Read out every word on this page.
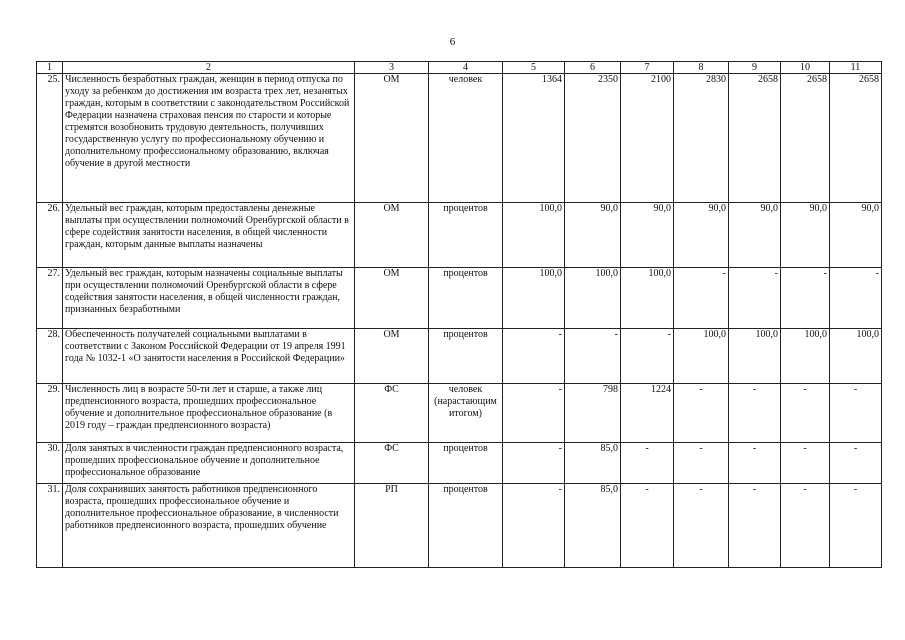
6
1	2	3	4	5	6	7	8	9	10	11
25.	Численность безработных граждан, женщин в период отпуска по уходу за ребенком до достижения им возраста трех лет, незанятых граждан, которым в соответствии с законодательством Российской Федерации назначена страховая пенсия по старости и которые стремятся возобновить трудовую деятельность, получивших государственную услугу по профессиональному обучению и дополнительному профессиональному образованию, включая обучение в другой местности	ОМ	человек	1364	2350	2100	2830	2658	2658	2658
26.	Удельный вес граждан, которым предоставлены денежные выплаты при осуществлении полномочий Оренбургской области в сфере содействия занятости населения, в общей численности граждан, которым данные выплаты назначены	ОМ	процентов	100,0	90,0	90,0	90,0	90,0	90,0	90,0
27.	Удельный вес граждан, которым назначены социальные выплаты при осуществлении полномочий Оренбургской области в сфере содействия занятости населения, в общей численности граждан, признанных безработными	ОМ	процентов	100,0	100,0	100,0	-	-	-	-
28.	Обеспеченность получателей социальными выплатами в соответствии с Законом Российской Федерации от 19 апреля 1991 года № 1032-1 «О занятости населения в Российской Федерации»	ОМ	процентов	-	-	-	100,0	100,0	100,0	100,0
29.	Численность лиц в возрасте 50-ти лет и старше, а также лиц предпенсионного возраста, прошедших профессиональное обучение и дополнительное профессиональное образование (в 2019 году – граждан предпенсионного возраста)	ФС	человек (нарастающим итогом)	-	798	1224	-	-	-	-
30.	Доля занятых в численности граждан предпенсионного возраста, прошедших профессиональное обучение и дополнительное профессиональное образование	ФС	процентов	-	85,0	-	-	-	-	-
31.	Доля сохранивших занятость работников предпенсионного возраста, прошедших профессиональное обучение и дополнительное профессиональное образование, в численности работников предпенсионного возраста, прошедших обучение	РП	процентов	-	85,0	-	-	-	-	-
